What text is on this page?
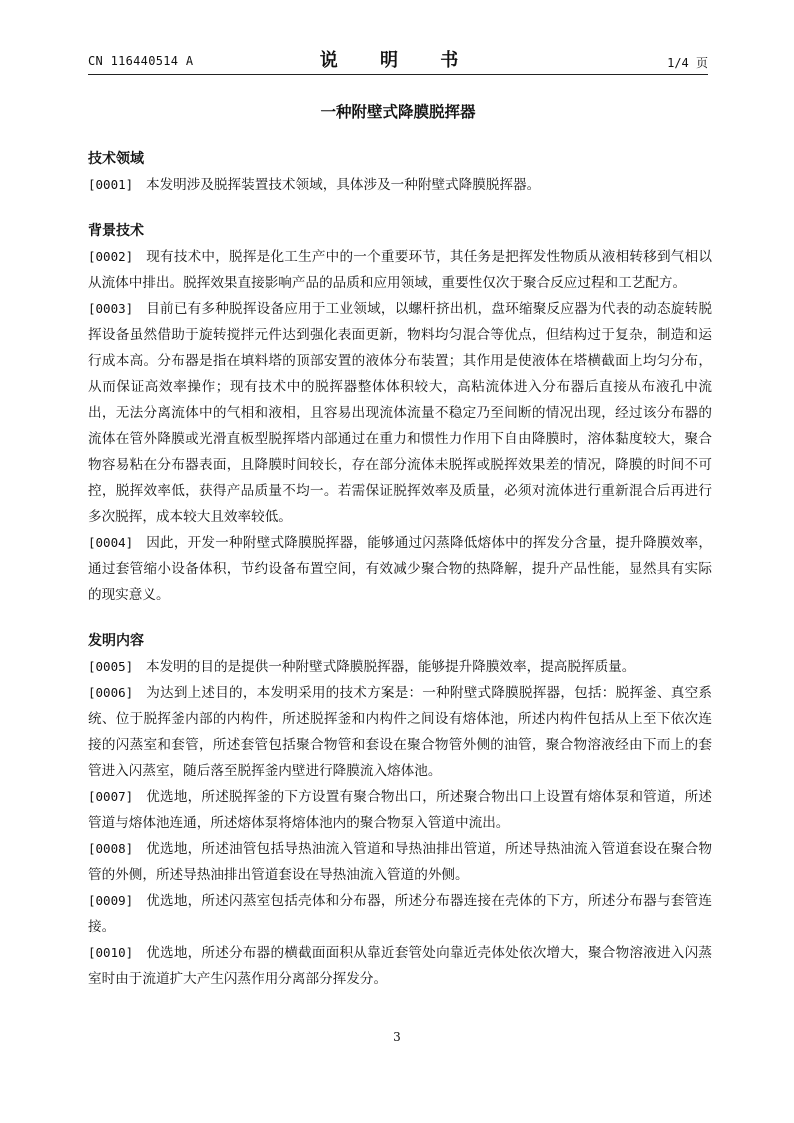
CN 116440514 A	说 明 书	1/4 页
一种附壁式降膜脱挥器
技术领域

[0001] 本发明涉及脱挥装置技术领域，具体涉及一种附壁式降膜脱挥器。

背景技术

[0002] 现有技术中，脱挥是化工生产中的一个重要环节，其任务是把挥发性物质从液相转移到气相以从流体中排出。脱挥效果直接影响产品的品质和应用领域，重要性仅次于聚合反应过程和工艺配方。

[0003] 目前已有多种脱挥设备应用于工业领域，以螺杆挤出机，盘环缩聚反应器为代表的动态旋转脱挥设备虽然借助于旋转搅拌元件达到强化表面更新，物料均匀混合等优点，但结构过于复杂，制造和运行成本高。分布器是指在填料塔的顶部安置的液体分布装置；其作用是使液体在塔横截面上均匀分布，从而保证高效率操作；现有技术中的脱挥器整体体积较大，高粘流体进入分布器后直接从布液孔中流出，无法分离流体中的气相和液相，且容易出现流体流量不稳定乃至间断的情况出现，经过该分布器的流体在管外降膜或光滑直板型脱挥塔内部通过在重力和惯性力作用下自由降膜时，溶体黏度较大，聚合物容易粘在分布器表面，且降膜时间较长，存在部分流体未脱挥或脱挥效果差的情况，降膜的时间不可控，脱挥效率低，获得产品质量不均一。若需保证脱挥效率及质量，必须对流体进行重新混合后再进行多次脱挥，成本较大且效率较低。

[0004] 因此，开发一种附壁式降膜脱挥器，能够通过闪蒸降低熔体中的挥发分含量，提升降膜效率，通过套管缩小设备体积，节约设备布置空间，有效减少聚合物的热降解，提升产品性能，显然具有实际的现实意义。

发明内容

[0005] 本发明的目的是提供一种附壁式降膜脱挥器，能够提升降膜效率，提高脱挥质量。

[0006] 为达到上述目的，本发明采用的技术方案是：一种附壁式降膜脱挥器，包括：脱挥釜、真空系统、位于脱挥釜内部的内构件，所述脱挥釜和内构件之间设有熔体池，所述内构件包括从上至下依次连接的闪蒸室和套管，所述套管包括聚合物管和套设在聚合物管外侧的油管，聚合物溶液经由下而上的套管进入闪蒸室，随后落至脱挥釜内壁进行降膜流入熔体池。

[0007] 优选地，所述脱挥釜的下方设置有聚合物出口，所述聚合物出口上设置有熔体泵和管道，所述管道与熔体池连通，所述熔体泵将熔体池内的聚合物泵入管道中流出。

[0008] 优选地，所述油管包括导热油流入管道和导热油排出管道，所述导热油流入管道套设在聚合物管的外侧，所述导热油排出管道套设在导热油流入管道的外侧。

[0009] 优选地，所述闪蒸室包括壳体和分布器，所述分布器连接在壳体的下方，所述分布器与套管连接。

[0010] 优选地，所述分布器的横截面面积从靠近套管处向靠近壳体处依次增大，聚合物溶液进入闪蒸室时由于流道扩大产生闪蒸作用分离部分挥发分。

3
